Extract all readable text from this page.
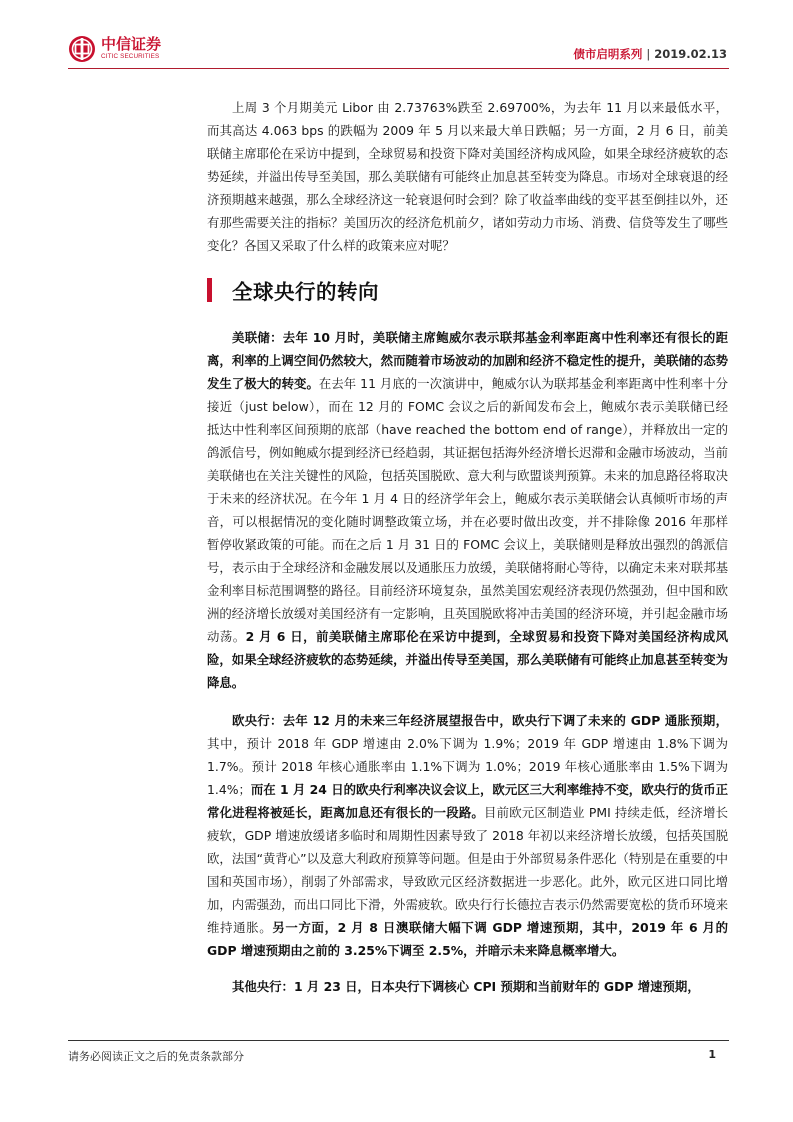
中信证券
CITIC SECURITIES	债市启明系列 | 2019.02.13

上周 3 个月期美元 Libor 由 2.73763%跌至 2.69700%，为去年 11 月以来最低水平，而其高达 4.063 bps 的跌幅为 2009 年 5 月以来最大单日跌幅；另一方面，2 月 6 日，前美联储主席耶伦在采访中提到，全球贸易和投资下降对美国经济构成风险，如果全球经济疲软的态势延续，并溢出传导至美国，那么美联储有可能终止加息甚至转变为降息。市场对全球衰退的经济预期越来越强，那么全球经济这一轮衰退何时会到？除了收益率曲线的变平甚至倒挂以外，还有那些需要关注的指标？美国历次的经济危机前夕，诸如劳动力市场、消费、信贷等发生了哪些变化？各国又采取了什么样的政策来应对呢？

全球央行的转向

美联储：去年 10 月时，美联储主席鲍威尔表示联邦基金利率距离中性利率还有很长的距离，利率的上调空间仍然较大，然而随着市场波动的加剧和经济不稳定性的提升，美联储的态势发生了极大的转变。在去年 11 月底的一次演讲中，鲍威尔认为联邦基金利率距离中性利率十分接近（just below），而在 12 月的 FOMC 会议之后的新闻发布会上，鲍威尔表示美联储已经抵达中性利率区间预期的底部（have reached the bottom end of range），并释放出一定的鸽派信号，例如鲍威尔提到经济已经趋弱，其证据包括海外经济增长迟滞和金融市场波动，当前美联储也在关注关键性的风险，包括英国脱欧、意大利与欧盟谈判预算。未来的加息路径将取决于未来的经济状况。在今年 1 月 4 日的经济学年会上，鲍威尔表示美联储会认真倾听市场的声音，可以根据情况的变化随时调整政策立场，并在必要时做出改变，并不排除像 2016 年那样暂停收紧政策的可能。而在之后 1 月 31 日的 FOMC 会议上，美联储则是释放出强烈的鸽派信号，表示由于全球经济和金融发展以及通胀压力放缓，美联储将耐心等待，以确定未来对联邦基金利率目标范围调整的路径。目前经济环境复杂，虽然美国宏观经济表现仍然强劲，但中国和欧洲的经济增长放缓对美国经济有一定影响，且英国脱欧将冲击美国的经济环境，并引起金融市场动荡。2 月 6 日，前美联储主席耶伦在采访中提到，全球贸易和投资下降对美国经济构成风险，如果全球经济疲软的态势延续，并溢出传导至美国，那么美联储有可能终止加息甚至转变为降息。

欧央行：去年 12 月的未来三年经济展望报告中，欧央行下调了未来的 GDP 通胀预期，其中，预计 2018 年 GDP 增速由 2.0%下调为 1.9%；2019 年 GDP 增速由 1.8%下调为 1.7%。预计 2018 年核心通胀率由 1.1%下调为 1.0%；2019 年核心通胀率由 1.5%下调为 1.4%；而在 1 月 24 日的欧央行利率决议会议上，欧元区三大利率维持不变，欧央行的货币正常化进程将被延长，距离加息还有很长的一段路。目前欧元区制造业 PMI 持续走低，经济增长疲软，GDP 增速放缓诸多临时和周期性因素导致了 2018 年初以来经济增长放缓，包括英国脱欧，法国“黄背心”以及意大利政府预算等问题。但是由于外部贸易条件恶化（特别是在重要的中国和英国市场），削弱了外部需求，导致欧元区经济数据进一步恶化。此外，欧元区进口同比增加，内需强劲，而出口同比下滑，外需疲软。欧央行行长德拉吉表示仍然需要宽松的货币环境来维持通胀。另一方面，2 月 8 日澳联储大幅下调 GDP 增速预期，其中，2019 年 6 月的 GDP 增速预期由之前的 3.25%下调至 2.5%，并暗示未来降息概率增大。

其他央行：1 月 23 日，日本央行下调核心 CPI 预期和当前财年的 GDP 增速预期，

请务必阅读正文之后的免责条款部分	1
